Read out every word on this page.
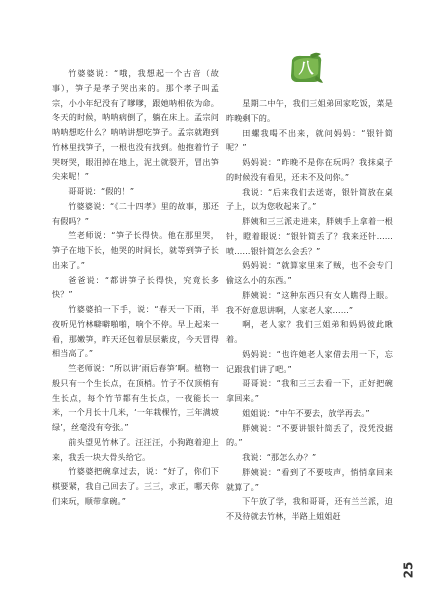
竹婆婆说：“哦，我想起一个古音（故事），笋子是孝子哭出来的。那个孝子叫孟宗，小小年纪没有了嗲嗲，跟她呐相依为命。冬天的时候，呐呐病倒了，躺在床上。孟宗问呐呐想吃什么？呐呐讲想吃笋子。孟宗就跑到竹林里找笋子，一根也没有找到。他抱着竹子哭呀哭，眼泪掉在地上，泥土就裂开，冒出笋尖来呢！”

哥哥说：“假的！”

竹婆婆说：“《二十四孝》里的故事，那还有假吗？”

竺老师说：“笋子长得快。他在那里哭，笋子在地下长，他哭的时间长，就等到笋子长出来了。”

爸爸说：“都讲笋子长得快，究竟长多快？”

竹婆婆拍一下手，说：“春天一下雨，半夜听见竹林噼噼啪啪，响个不停。早上起来一看，那嫩笋，昨天还包着层层紫皮，今天冒得相当高了。”

竺老师说：“所以讲‘雨后春笋’啊。植物一般只有一个生长点，在顶梢。竹子不仅顶梢有生长点，每个竹节都有生长点，一夜能长一米，一个月长十几米，‘一年栽棵竹，三年满坡绿’，丝毫没有夸张。”

前头望见竹林了。汪汪汪，小狗跑着迎上来，我丢一块大骨头给它。

竹婆婆把碗拿过去，说：“好了，你们下棋要紧，我自己回去了。三三，求正，哪天你们来玩，顺带拿碗。”

八

星期二中午，我们三姐弟回家吃饭，菜是昨晚剩下的。

田螺我喝不出来，就问妈妈：“银针简呢？”

妈妈说：“昨晚不是你在玩吗？我抹桌子的时候没有看见，还未不及问你。”

我说：“后来我们去送寄，银针简放在桌子上，以为您收起来了。”

胖姨和三三派走进来，胖姨手上拿着一根针，瞪着眼说：“银针简丢了？我来还针……喷……银针简怎么会丢？”

妈妈说：“就算家里来了贼，也不会专门偷这么小的东西。”

胖姨说：“这种东西只有女人瞧得上眼。我不好意思讲啊，人家老人家……”

啊，老人家？我们三姐弟和妈妈彼此瞅着。

妈妈说：“也许她老人家借去用一下，忘记跟我们讲了吧。”

哥哥说：“我和三三去看一下，正好把碗拿回来。”

姐姐说：“中午不要去，放学再去。”

胖姨说：“不要讲银针简丢了，没凭没据的。”

我说：“那怎么办？”

胖姨说：“看到了不要吱声，悄悄拿回来就算了。”

下午放了学，我和哥哥，还有兰兰派，迫不及待就去竹林，半路上姐姐赶

25
